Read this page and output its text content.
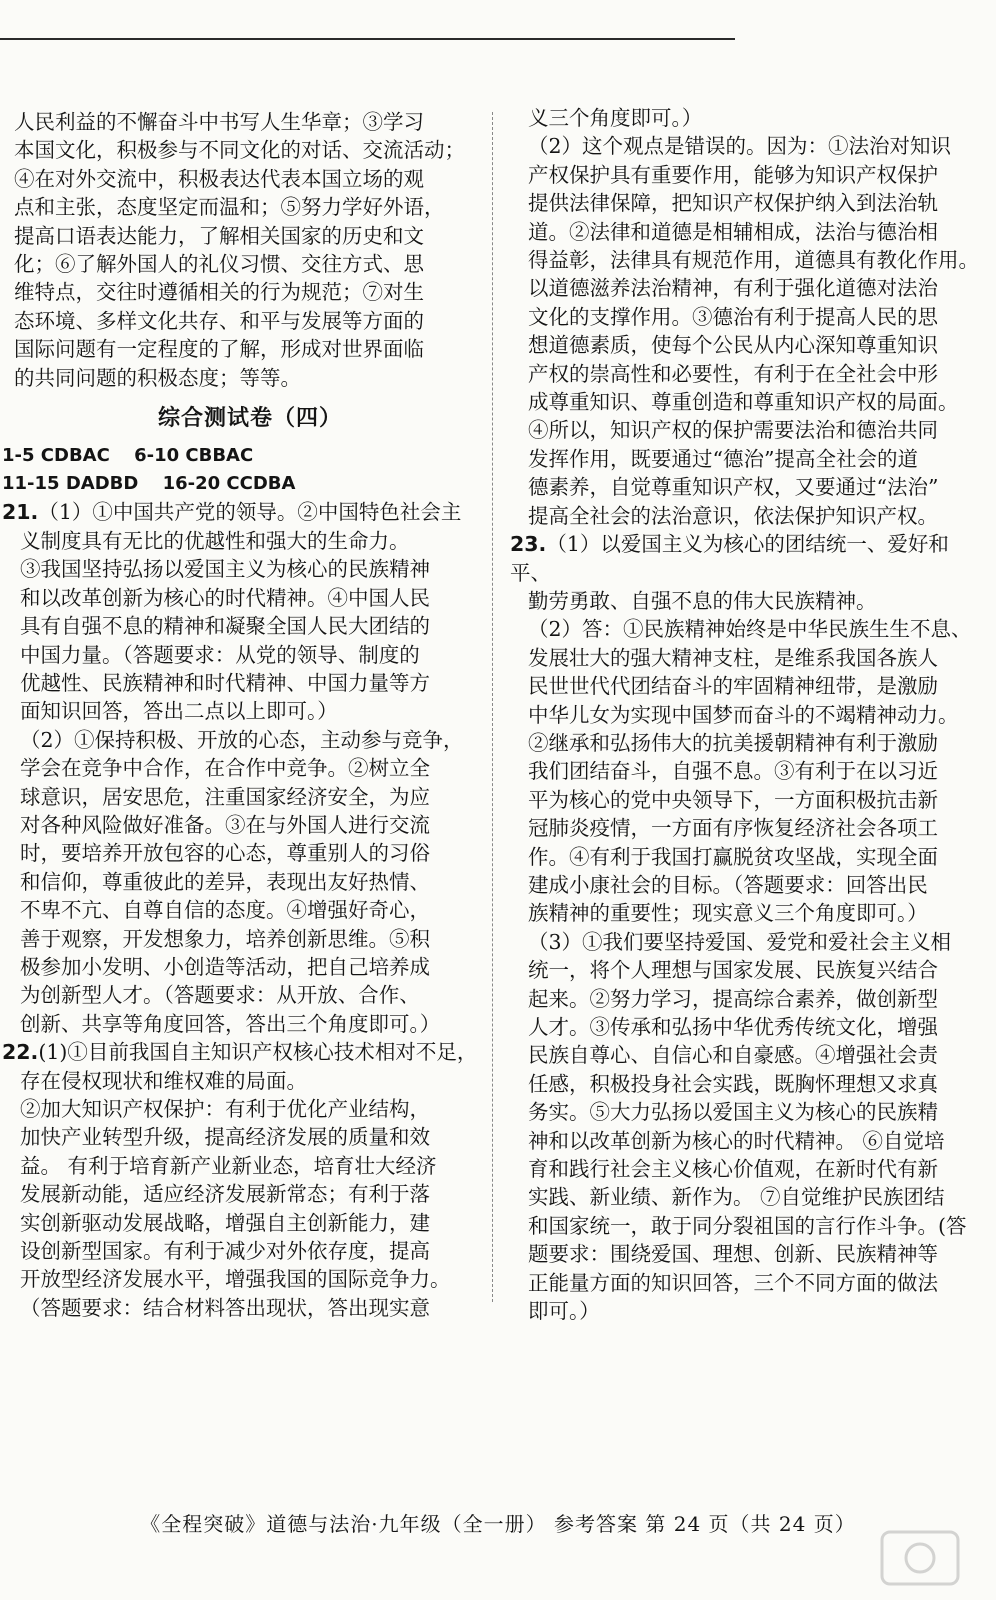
人民利益的不懈奋斗中书写人生华章；③学习

本国文化，积极参与不同文化的对话、交流活动；

④在对外交流中，积极表达代表本国立场的观

点和主张，态度坚定而温和；⑤努力学好外语，

提高口语表达能力，了解相关国家的历史和文

化；⑥了解外国人的礼仪习惯、交往方式、思

维特点，交往时遵循相关的行为规范；⑦对生

态环境、多样文化共存、和平与发展等方面的

国际问题有一定程度的了解，形成对世界面临

的共同问题的积极态度；等等。

综合测试卷（四）
1-5 CDBAC 6-10 CBBAC
11-15 DADBD 16-20 CCDBA

21.（1）①中国共产党的领导。②中国特色社会主

义制度具有无比的优越性和强大的生命力。

③我国坚持弘扬以爱国主义为核心的民族精神

和以改革创新为核心的时代精神。④中国人民

具有自强不息的精神和凝聚全国人民大团结的

中国力量。（答题要求：从党的领导、制度的

优越性、民族精神和时代精神、中国力量等方

面知识回答，答出二点以上即可。）

（2）①保持积极、开放的心态，主动参与竞争，

学会在竞争中合作，在合作中竞争。②树立全

球意识，居安思危，注重国家经济安全，为应

对各种风险做好准备。③在与外国人进行交流

时，要培养开放包容的心态，尊重别人的习俗

和信仰，尊重彼此的差异，表现出友好热情、

不卑不亢、自尊自信的态度。④增强好奇心，

善于观察，开发想象力，培养创新思维。⑤积

极参加小发明、小创造等活动，把自己培养成

为创新型人才。（答题要求：从开放、合作、

创新、共享等角度回答，答出三个角度即可。）

22.(1)①目前我国自主知识产权核心技术相对不足，

存在侵权现状和维权难的局面。

②加大知识产权保护：有利于优化产业结构，

加快产业转型升级，提高经济发展的质量和效

益。 有利于培育新产业新业态，培育壮大经济

发展新动能，适应经济发展新常态；有利于落

实创新驱动发展战略，增强自主创新能力，建

设创新型国家。有利于减少对外依存度，提高

开放型经济发展水平，增强我国的国际竞争力。

（答题要求：结合材料答出现状，答出现实意

义三个角度即可。）

（2）这个观点是错误的。因为：①法治对知识

产权保护具有重要作用，能够为知识产权保护

提供法律保障，把知识产权保护纳入到法治轨

道。②法律和道德是相辅相成，法治与德治相

得益彰，法律具有规范作用，道德具有教化作用。

以道德滋养法治精神，有利于强化道德对法治

文化的支撑作用。③德治有利于提高人民的思

想道德素质，使每个公民从内心深知尊重知识

产权的崇高性和必要性，有利于在全社会中形

成尊重知识、尊重创造和尊重知识产权的局面。

④所以，知识产权的保护需要法治和德治共同

发挥作用，既要通过“德治”提高全社会的道

德素养，自觉尊重知识产权，又要通过“法治”

提高全社会的法治意识，依法保护知识产权。

23.（1）以爱国主义为核心的团结统一、爱好和平、

勤劳勇敢、自强不息的伟大民族精神。

（2）答：①民族精神始终是中华民族生生不息、

发展壮大的强大精神支柱，是维系我国各族人

民世世代代团结奋斗的牢固精神纽带，是激励

中华儿女为实现中国梦而奋斗的不竭精神动力。

②继承和弘扬伟大的抗美援朝精神有利于激励

我们团结奋斗，自强不息。③有利于在以习近

平为核心的党中央领导下，一方面积极抗击新

冠肺炎疫情，一方面有序恢复经济社会各项工

作。④有利于我国打赢脱贫攻坚战，实现全面

建成小康社会的目标。（答题要求：回答出民

族精神的重要性；现实意义三个角度即可。）

（3）①我们要坚持爱国、爱党和爱社会主义相

统一，将个人理想与国家发展、民族复兴结合

起来。②努力学习，提高综合素养，做创新型

人才。③传承和弘扬中华优秀传统文化，增强

民族自尊心、自信心和自豪感。④增强社会责

任感，积极投身社会实践，既胸怀理想又求真

务实。⑤大力弘扬以爱国主义为核心的民族精

神和以改革创新为核心的时代精神。 ⑥自觉培

育和践行社会主义核心价值观，在新时代有新

实践、新业绩、新作为。 ⑦自觉维护民族团结

和国家统一，敢于同分裂祖国的言行作斗争。(答

题要求：围绕爱国、理想、创新、民族精神等

正能量方面的知识回答，三个不同方面的做法

即可。）

《全程突破》道德与法治·九年级（全一册） 参考答案 第 24 页（共 24 页）
